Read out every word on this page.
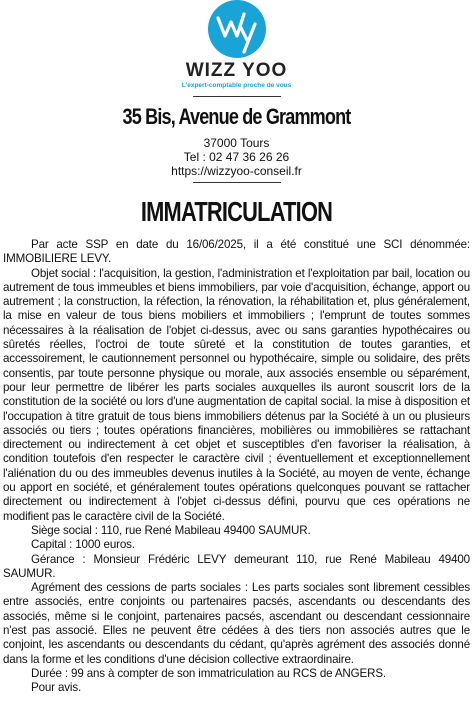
WIZZ YOO
L'expert-comptable proche de vous
35 Bis, Avenue de Grammont
37000 Tours
Tel : 02 47 36 26 26
https://wizzyoo-conseil.fr
IMMATRICULATION

Par acte SSP en date du 16/06/2025, il a été constitué une SCI dénommée: IMMOBILIERE LEVY.

Objet social : l'acquisition, la gestion, l'administration et l'exploitation par bail, location ou autrement de tous immeubles et biens immobiliers, par voie d'acquisition, échange, apport ou autrement ; la construction, la réfection, la rénovation, la réhabilitation et, plus généralement, la mise en valeur de tous biens mobiliers et immobiliers ; l'emprunt de toutes sommes nécessaires à la réalisation de l'objet ci-dessus, avec ou sans garanties hypothécaires ou sûretés réelles, l'octroi de toute sûreté et la constitution de toutes garanties, et accessoirement, le cautionnement personnel ou hypothécaire, simple ou solidaire, des prêts consentis, par toute personne physique ou morale, aux associés ensemble ou séparément, pour leur permettre de libérer les parts sociales auxquelles ils auront souscrit lors de la constitution de la société ou lors d'une augmentation de capital social. la mise à disposition et l'occupation à titre gratuit de tous biens immobiliers détenus par la Société à un ou plusieurs associés ou tiers ; toutes opérations financières, mobilières ou immobilières se rattachant directement ou indirectement à cet objet et susceptibles d'en favoriser la réalisation, à condition toutefois d'en respecter le caractère civil ; éventuellement et exceptionnellement l'aliénation du ou des immeubles devenus inutiles à la Société, au moyen de vente, échange ou apport en société, et généralement toutes opérations quelconques pouvant se rattacher directement ou indirectement à l'objet ci-dessus défini, pourvu que ces opérations ne modifient pas le caractère civil de la Société.

Siège social : 110, rue René Mabileau 49400 SAUMUR.

Capital : 1000 euros.

Gérance : Monsieur Frédéric LEVY demeurant 110, rue René Mabileau 49400 SAUMUR.

Agrément des cessions de parts sociales : Les parts sociales sont librement cessibles entre associés, entre conjoints ou partenaires pacsés, ascendants ou descendants des associés, même si le conjoint, partenaires pacsés, ascendant ou descendant cessionnaire n'est pas associé. Elles ne peuvent être cédées à des tiers non associés autres que le conjoint, les ascendants ou descendants du cédant, qu'après agrément des associés donné dans la forme et les conditions d'une décision collective extraordinaire.

Durée : 99 ans à compter de son immatriculation au RCS de ANGERS.

Pour avis.
